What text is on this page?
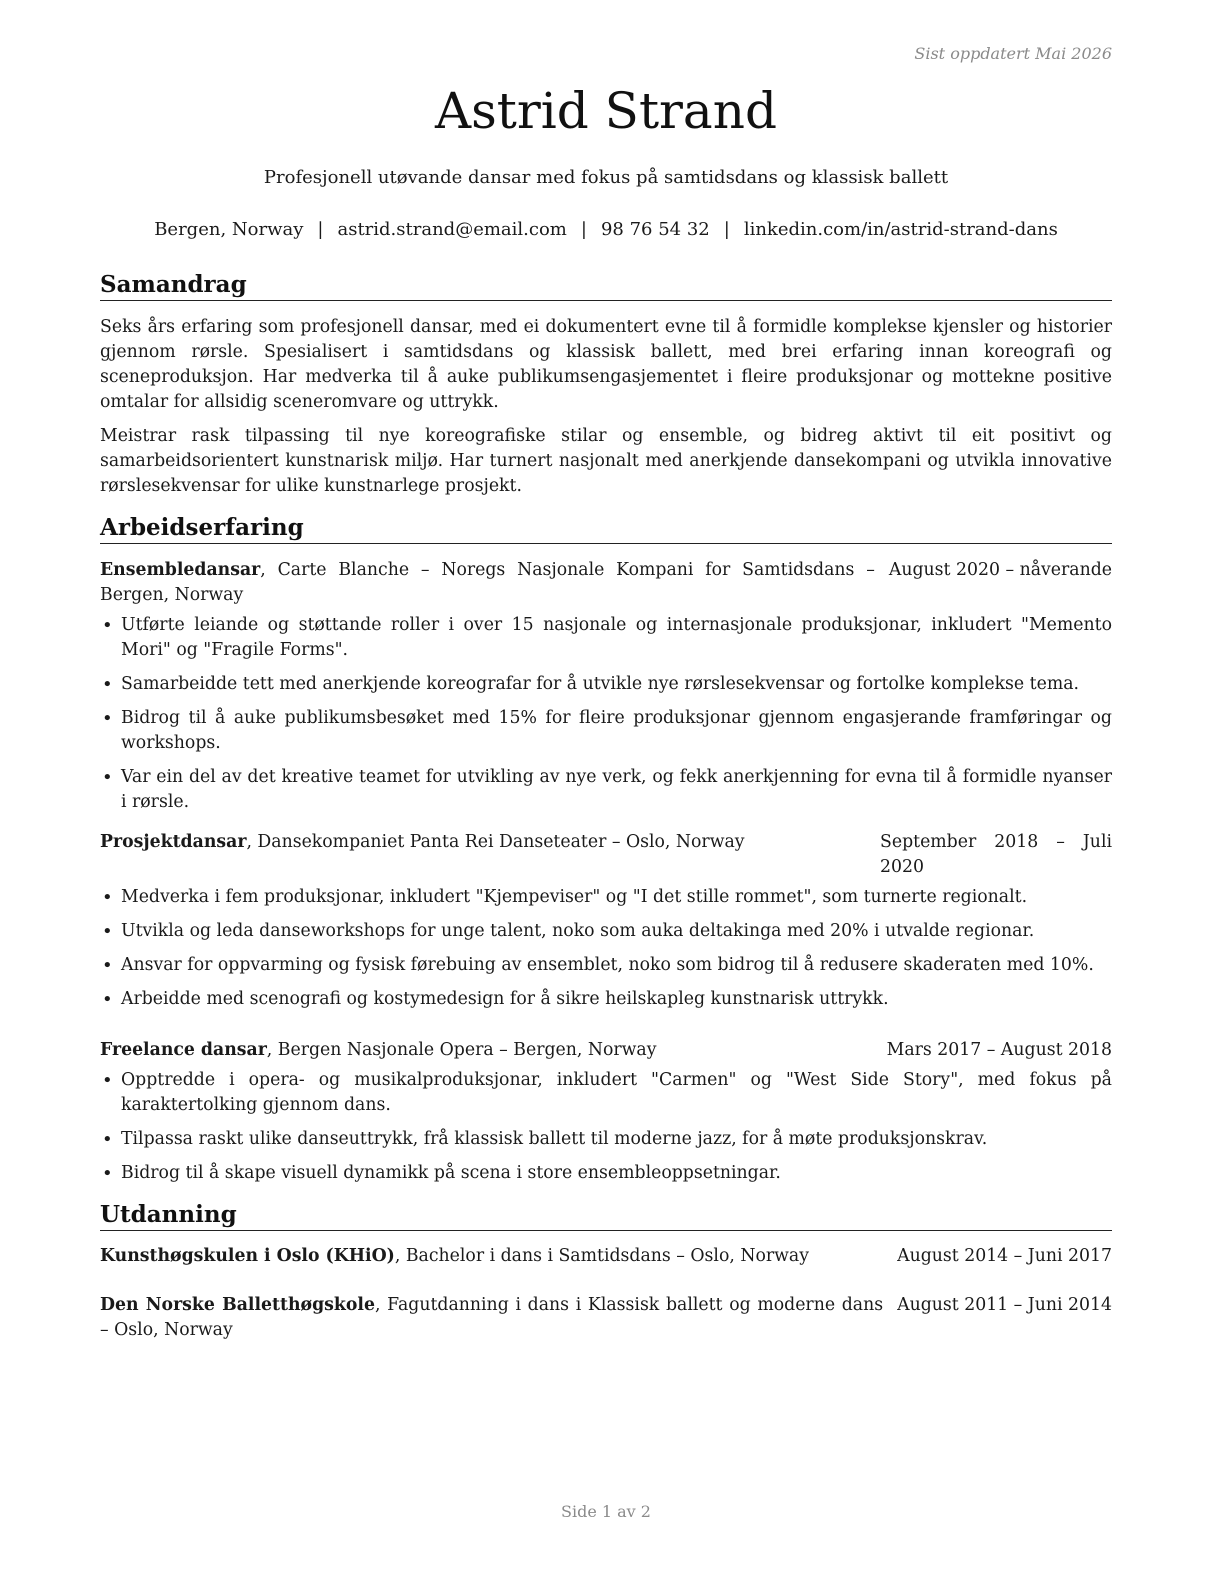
Sist oppdatert Mai 2026
Astrid Strand
Profesjonell utøvande dansar med fokus på samtidsdans og klassisk ballett
Bergen, Norway | astrid.strand@email.com | 98 76 54 32 | linkedin.com/in/astrid-strand-dans
Samandrag
Seks års erfaring som profesjonell dansar, med ei dokumentert evne til å formidle komplekse kjensler og historier gjennom rørsle. Spesialisert i samtidsdans og klassisk ballett, med brei erfaring innan koreografi og sceneproduksjon. Har medverka til å auke publikumsengasjementet i fleire produksjonar og mottekne positive omtalar for allsidig sceneromvare og uttrykk.
Meistrar rask tilpassing til nye koreografiske stilar og ensemble, og bidreg aktivt til eit positivt og samarbeidsorientert kunstnarisk miljø. Har turnert nasjonalt med anerkjende dansekompani og utvikla innovative rørslesekvensar for ulike kunstnarlege prosjekt.
Arbeidserfaring
Ensembledansar, Carte Blanche – Noregs Nasjonale Kompani for Samtidsdans – Bergen, Norway
August 2020 – nåverande
• Utførte leiande og støttande roller i over 15 nasjonale og internasjonale produksjonar, inkludert "Memento Mori" og "Fragile Forms".
• Samarbeidde tett med anerkjende koreografar for å utvikle nye rørslesekvensar og fortolke komplekse tema.
• Bidrog til å auke publikumsbesøket med 15% for fleire produksjonar gjennom engasjerande framføringar og workshops.
• Var ein del av det kreative teamet for utvikling av nye verk, og fekk anerkjenning for evna til å formidle nyanser i rørsle.
Prosjektdansar, Dansekompaniet Panta Rei Danseteater – Oslo, Norway	September 2018 – Juli 2020
• Medverka i fem produksjonar, inkludert "Kjempeviser" og "I det stille rommet", som turnerte regionalt.
• Utvikla og leda danseworkshops for unge talent, noko som auka deltakinga med 20% i utvalde regionar.
• Ansvar for oppvarming og fysisk førebuing av ensemblet, noko som bidrog til å redusere skaderaten med 10%.
• Arbeidde med scenografi og kostymedesign for å sikre heilskapleg kunstnarisk uttrykk.
Freelance dansar, Bergen Nasjonale Opera – Bergen, Norway	Mars 2017 – August 2018
• Opptredde i opera- og musikalproduksjonar, inkludert "Carmen" og "West Side Story", med fokus på karaktertolking gjennom dans.
• Tilpassa raskt ulike danseuttrykk, frå klassisk ballett til moderne jazz, for å møte produksjonskrav.
• Bidrog til å skape visuell dynamikk på scena i store ensembleoppsetningar.
Utdanning
Kunsthøgskulen i Oslo (KHiO), Bachelor i dans i Samtidsdans – Oslo, Norway	August 2014 – Juni 2017
Den Norske Balletthøgskole, Fagutdanning i dans i Klassisk ballett og moderne dans – Oslo, Norway
August 2011 – Juni 2014
Side 1 av 2
